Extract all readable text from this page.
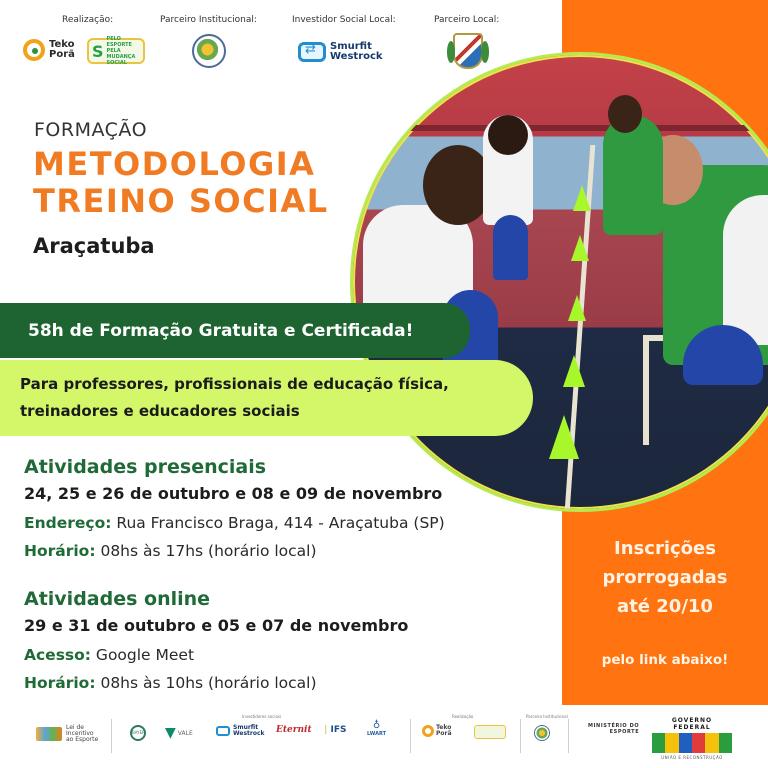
Realização:	Parceiro Institucional:	Investidor Social Local:	Parceiro Local:
Teko
Porã S
PELO ESPORTE PELA MUDANÇA SOCIAL
⇄
Smurfit
Westrock
FORMAÇÃO
METODOLOGIA
TREINO SOCIAL
Araçatuba
58h de Formação Gratuita e Certificada!
Para professores, profissionais de educação física,
treinadores e educadores sociais
Atividades presenciais
24, 25 e 26 de outubro e 08 e 09 de novembro
Endereço: Rua Francisco Braga, 414 - Araçatuba (SP)
Horário: 08hs às 17hs (horário local)
Atividades online
29 e 31 de outubro e 05 e 07 de novembro
Acesso: Google Meet
Horário: 08hs às 10hs (horário local)
Inscrições
prorrogadas
até 20/10
pelo link abaixo!
Lei de Incentivo ao Esporte
Investidores sociais
BAYER ▼ VALE
Smurfit
Westrock Eternit ❘ IFS	♁
LWART
Realização
Teko
Porã
Parceiro Institucional
MINISTÉRIO DO
ESPORTE
GOVERNO FEDERAL
UNIÃO E RECONSTRUÇÃO
